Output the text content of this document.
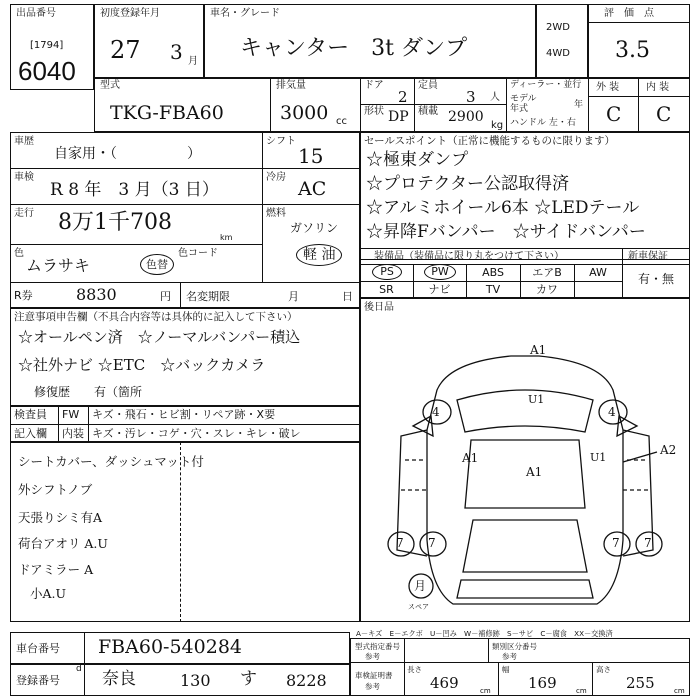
出品番号
[1794]
6040
初度登録年月
27 3 月
車名・グレード
キャンター　3t ダンプ
2WD
4WD
評　価　点
3.5
型式
TKG-FBA60
排気量
3000 cc
ドア
2
形状 DP
定員
3 人
積載 2900
kg
ディーラー・並行
モデル
年式	年
ハンドル 左・右
外 装	内 装
C C
車歴
自家用・（　　　　　）
シフト
15
車検
R 8 年　3 月（3 日）
冷房
AC
走行 8万1千708
km
燃料
ガソリン
軽 油
色
ムラサキ	色替
色コード
R券	8830	円 名変期限	月	日
セールスポイント（正常に機能するものに限ります）
☆極東ダンプ
☆プロテクター公認取得済
☆アルミホイール6本 ☆LEDテール
☆昇降Fバンパー　☆サイドバンパー
装備品（装備品に限り丸をつけて下さい）	新車保証
有・無
PS	PW	ABS	エアB	AW
SR	ナビ	TV	カワ
後日品
A1
U1
4	4
A1
A1
U1
A2
7 7	7 7
月
スペア
注意事項申告欄（不具合内容等は具体的に記入して下さい）
☆オールペン済　☆ノーマルバンパー積込
☆社外ナビ ☆ETC　☆バックカメラ
修復歴　　有（箇所
検査員
記入欄
FW キズ・飛石・ヒビ割・リペア跡・X要
内装 キズ・汚レ・コゲ・穴・スレ・キレ・破レ
シートカバー、ダッシュマット付
外シフトノブ
天張りシミ有A
荷台アオリ A.U
ドアミラー A
小A.U
A－キズ　E－エクボ　U－凹み　W－補修跡　S－サビ　C－腐食　XX－交換済
車台番号 FBA60-540284
登録番号
d 奈良	130 す 8228
型式指定番号
参考
類別区分番号
参考
車検証明書
参考
長さ
469	cm
幅
169	cm
高さ
255	cm
